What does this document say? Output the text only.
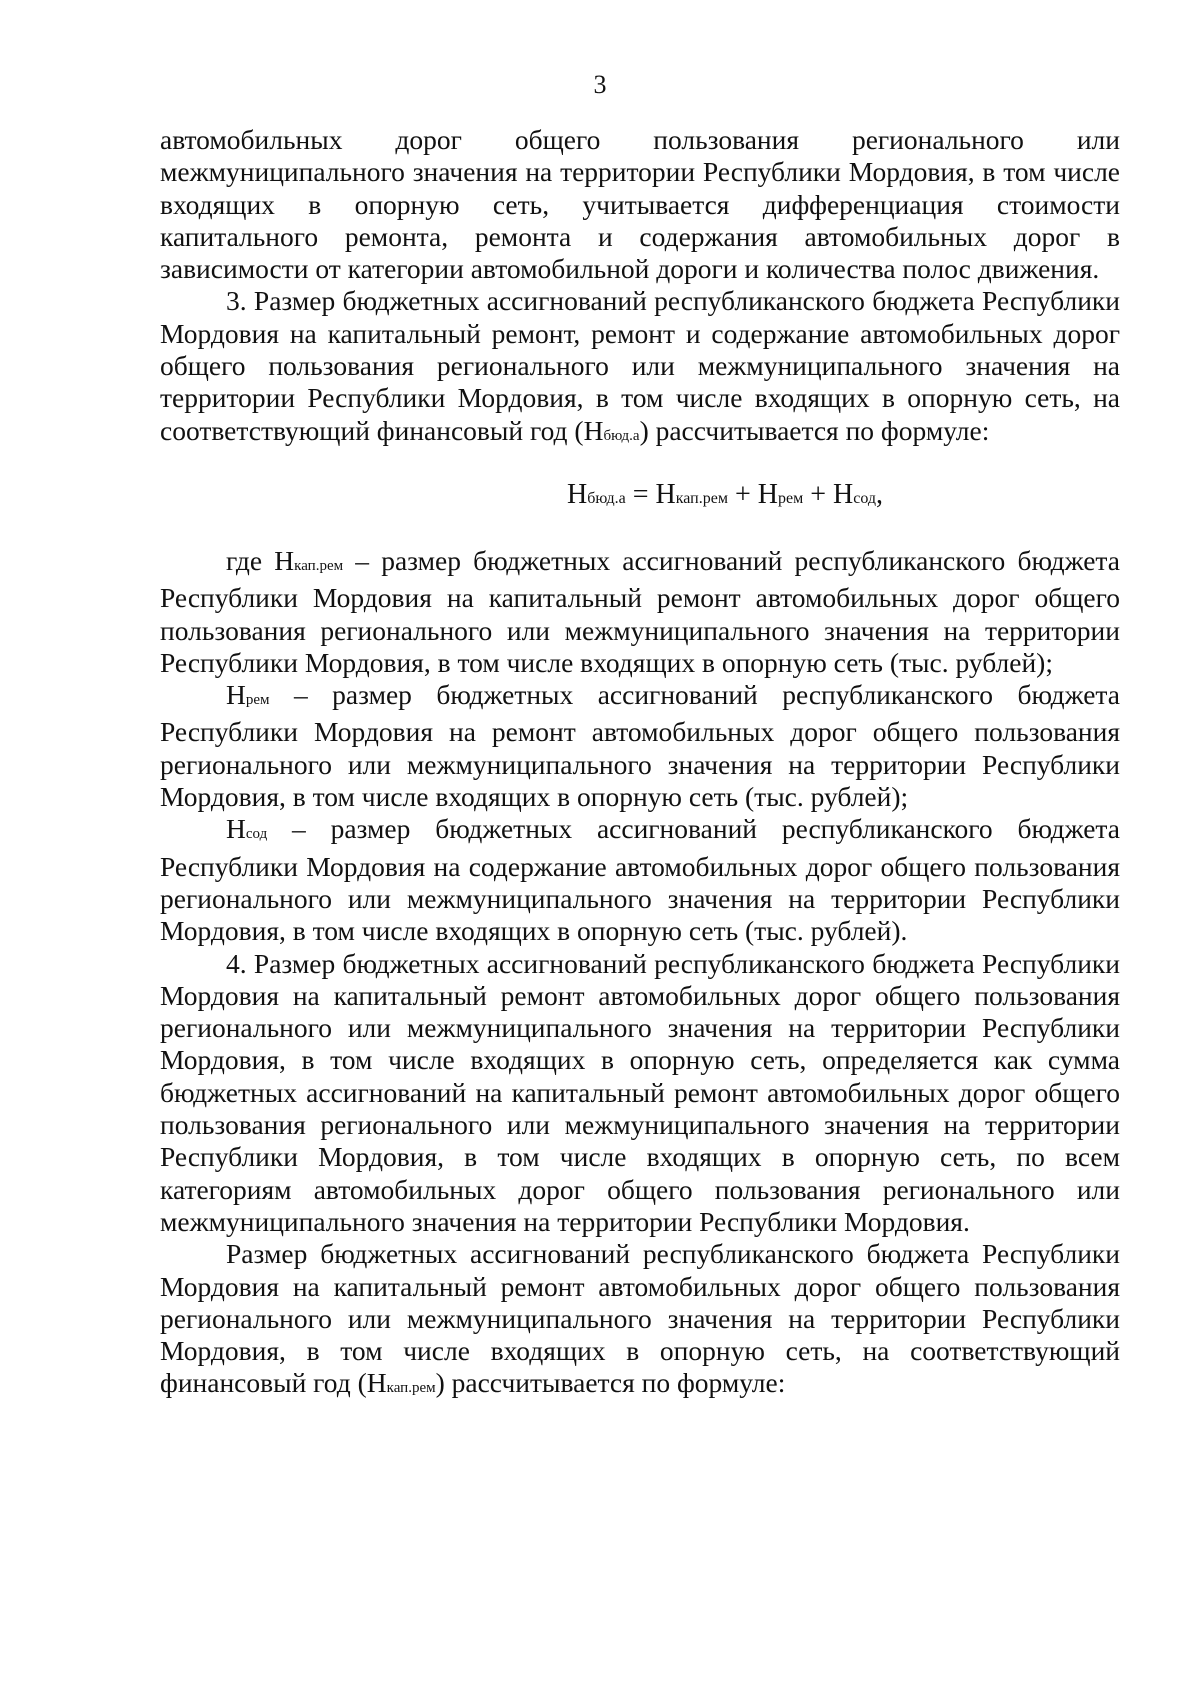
3

автомобильных дорог общего пользования регионального или межмуниципального значения на территории Республики Мордовия, в том числе входящих в опорную сеть, учитывается дифференциация стоимости капитального ремонта, ремонта и содержания автомобильных дорог в зависимости от категории автомобильной дороги и количества полос движения.

3. Размер бюджетных ассигнований республиканского бюджета Республики Мордовия на капитальный ремонт, ремонт и содержание автомобильных дорог общего пользования регионального или межмуниципального значения на территории Республики Мордовия, в том числе входящих в опорную сеть, на соответствующий финансовый год (Нбюд.а) рассчитывается по формуле:

Нбюд.а = Нкап.рем + Нрем + Нсод,

где Нкап.рем – размер бюджетных ассигнований республиканского бюджета Республики Мордовия на капитальный ремонт автомобильных дорог общего пользования регионального или межмуниципального значения на территории Республики Мордовия, в том числе входящих в опорную сеть (тыс. рублей);

Нрем – размер бюджетных ассигнований республиканского бюджета Республики Мордовия на ремонт автомобильных дорог общего пользования регионального или межмуниципального значения на территории Республики Мордовия, в том числе входящих в опорную сеть (тыс. рублей);

Нсод – размер бюджетных ассигнований республиканского бюджета Республики Мордовия на содержание автомобильных дорог общего пользования регионального или межмуниципального значения на территории Республики Мордовия, в том числе входящих в опорную сеть (тыс. рублей).

4. Размер бюджетных ассигнований республиканского бюджета Республики Мордовия на капитальный ремонт автомобильных дорог общего пользования регионального или межмуниципального значения на территории Республики Мордовия, в том числе входящих в опорную сеть, определяется как сумма бюджетных ассигнований на капитальный ремонт автомобильных дорог общего пользования регионального или межмуниципального значения на территории Республики Мордовия, в том числе входящих в опорную сеть, по всем категориям автомобильных дорог общего пользования регионального или межмуниципального значения на территории Республики Мордовия.

Размер бюджетных ассигнований республиканского бюджета Республики Мордовия на капитальный ремонт автомобильных дорог общего пользования регионального или межмуниципального значения на территории Республики Мордовия, в том числе входящих в опорную сеть, на соответствующий финансовый год (Нкап.рем) рассчитывается по формуле:
